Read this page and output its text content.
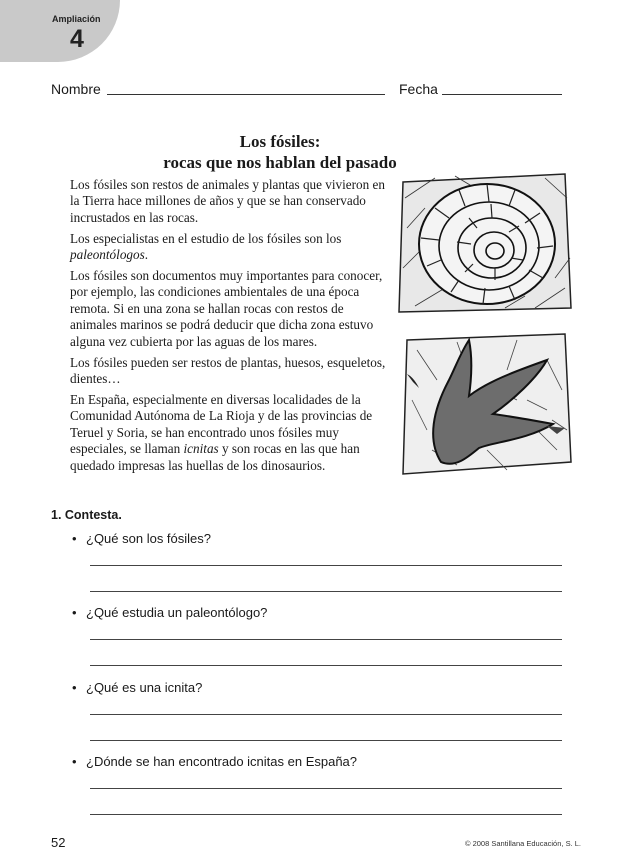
Ampliación
4
Nombre	Fecha
Los fósiles:
rocas que nos hablan del pasado

Los fósiles son restos de animales y plantas que vivieron en la Tierra hace millones de años y que se han conservado incrustados en las rocas.

Los especialistas en el estudio de los fósiles son los paleontólogos.

Los fósiles son documentos muy importantes para conocer, por ejemplo, las condiciones ambientales de una época remota. Si en una zona se hallan rocas con restos de animales marinos se podrá deducir que dicha zona estuvo alguna vez cubierta por las aguas de los mares.

Los fósiles pueden ser restos de plantas, huesos, esqueletos, dientes…

En España, especialmente en diversas localidades de la Comunidad Autónoma de La Rioja y de las provincias de Teruel y Soria, se han encontrado unos fósiles muy especiales, se llaman icnitas y son rocas en las que han quedado impresas las huellas de los dinosaurios.

1. Contesta.
• ¿Qué son los fósiles?
• ¿Qué estudia un paleontólogo?
• ¿Qué es una icnita?
• ¿Dónde se han encontrado icnitas en España?
52	© 2008 Santillana Educación, S. L.
